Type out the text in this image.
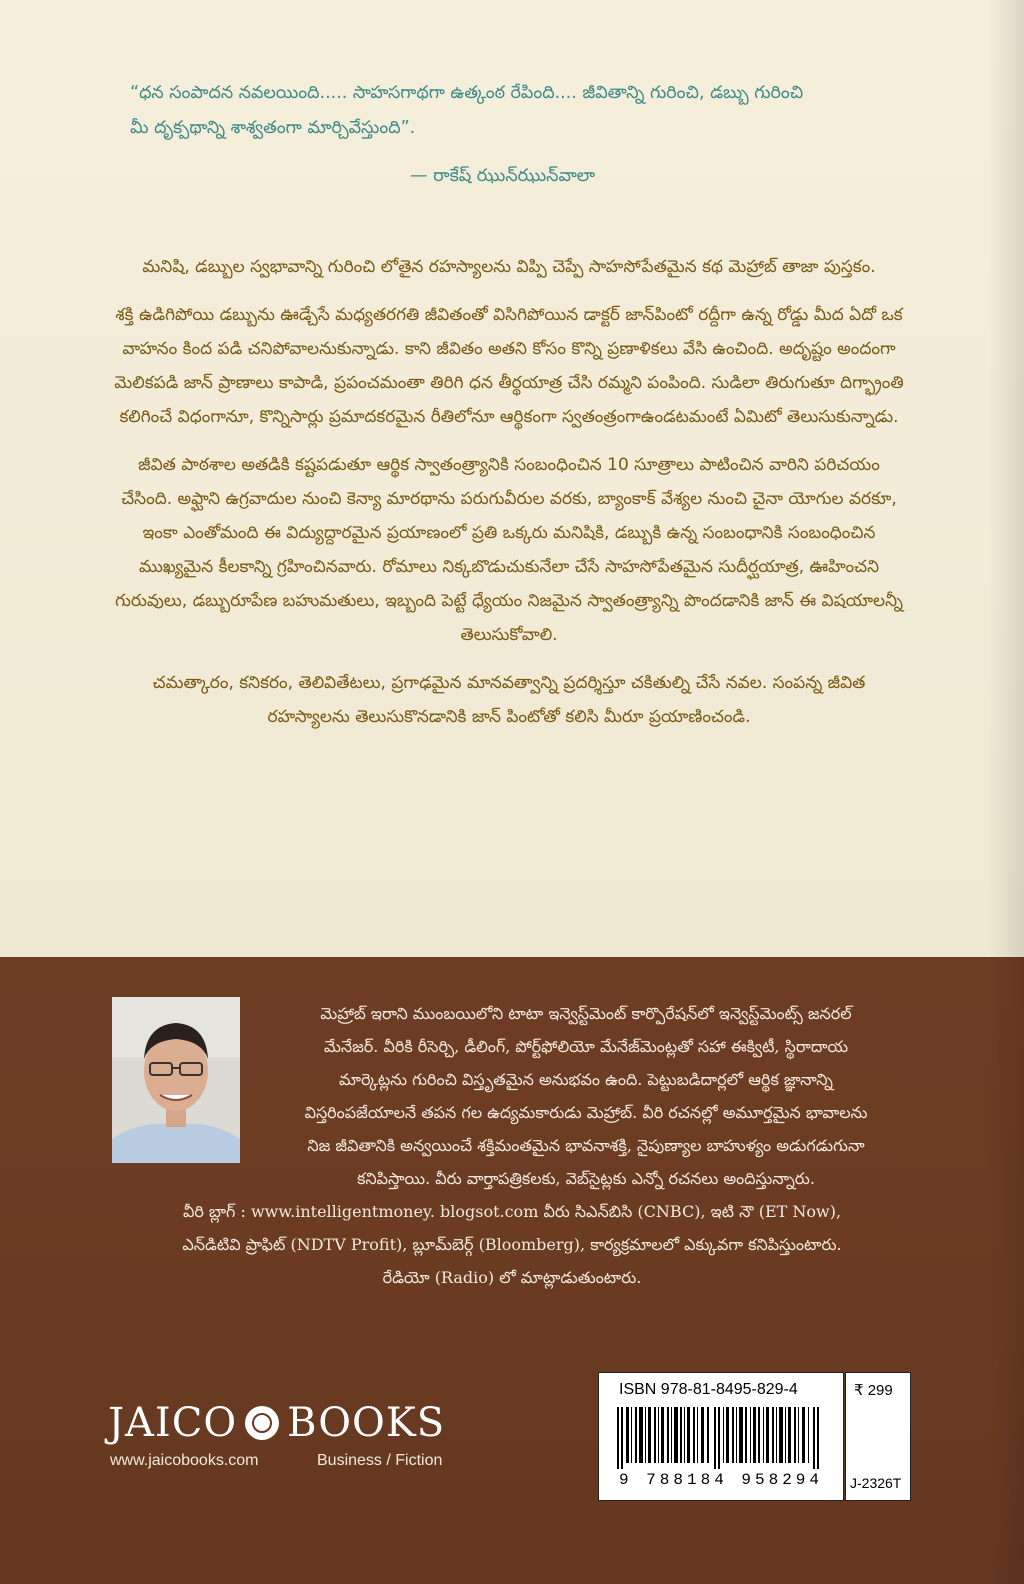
“ధన సంపాదన నవలయింది..... సాహసగాథగా ఉత్కంఠ రేపింది.... జీవితాన్ని గురించి, డబ్బు గురించి

మీ దృక్పథాన్ని శాశ్వతంగా మార్చివేస్తుంది”.

— రాకేష్ ఝున్‌ఝున్‌వాలా

మనిషి, డబ్బుల స్వభావాన్ని గురించి లోతైన రహస్యాలను విప్పి చెప్పే సాహసోపేతమైన కథ మెహ్రాబ్ తాజా పుస్తకం.

శక్తి ఉడిగిపోయి డబ్బును ఊడ్చేసే మధ్యతరగతి జీవితంతో విసిగిపోయిన డాక్టర్ జాన్‌పింటో రద్దీగా ఉన్న రోడ్డు మీద ఏదో ఒక వాహనం కింద పడి చనిపోవాలనుకున్నాడు. కాని జీవితం అతని కోసం కొన్ని ప్రణాళికలు వేసి ఉంచింది. అదృష్టం అందంగా మెలికపడి జాన్ ప్రాణాలు కాపాడి, ప్రపంచమంతా తిరిగి ధన తీర్థయాత్ర చేసి రమ్మని పంపింది. సుడిలా తిరుగుతూ దిగ్భ్రాంతి కలిగించే విధంగానూ, కొన్నిసార్లు ప్రమాదకరమైన రీతిలోనూ ఆర్థికంగా స్వతంత్రంగాఉండటమంటే ఏమిటో తెలుసుకున్నాడు.

జీవిత పాఠశాల అతడికి కష్టపడుతూ ఆర్థిక స్వాతంత్ర్యానికి సంబంధించిన 10 సూత్రాలు పాటించిన వారిని పరిచయం చేసింది. అఫ్ఘాని ఉగ్రవాదుల నుంచి కెన్యా మారథాను పరుగువీరుల వరకు, బ్యాంకాక్ వేశ్యల నుంచి చైనా యోగుల వరకూ, ఇంకా ఎంతోమంది ఈ విద్యుద్దారమైన ప్రయాణంలో ప్రతి ఒక్కరు మనిషికి, డబ్బుకి ఉన్న సంబంధానికి సంబంధించిన ముఖ్యమైన కీలకాన్ని గ్రహించినవారు. రోమాలు నిక్కబొడుచుకునేలా చేసే సాహసోపేతమైన సుదీర్ఘయాత్ర, ఊహించని గురువులు, డబ్బురూపేణ బహుమతులు, ఇబ్బంది పెట్టే ధ్యేయం నిజమైన స్వాతంత్ర్యాన్ని పొందడానికి జాన్ ఈ విషయాలన్నీ తెలుసుకోవాలి.

చమత్కారం, కనికరం, తెలివితేటలు, ప్రగాఢమైన మానవత్వాన్ని ప్రదర్శిస్తూ చకితుల్ని చేసే నవల. సంపన్న జీవిత రహస్యాలను తెలుసుకొనడానికి జాన్ పింటోతో కలిసి మీరూ ప్రయాణించండి.

మెహ్రాబ్ ఇరాని ముంబయిలోని టాటా ఇన్వెస్ట్‌మెంట్ కార్పొరేషన్‌లో ఇన్వెస్ట్‌మెంట్స్ జనరల్

మేనేజర్. వీరికి రీసెర్చి, డీలింగ్, పోర్ట్‌ఫోలియో మేనేజ్‌మెంట్లతో సహా ఈక్విటీ, స్థిరాదాయ

మార్కెట్లను గురించి విస్తృతమైన అనుభవం ఉంది. పెట్టుబడిదార్లలో ఆర్థిక జ్ఞానాన్ని

విస్తరింపజేయాలనే తపన గల ఉద్యమకారుడు మెహ్రాబ్. వీరి రచనల్లో అమూర్తమైన భావాలను

నిజ జీవితానికి అన్వయించే శక్తిమంతమైన భావనాశక్తి, నైపుణ్యాల బాహుళ్యం అడుగడుగునా

కనిపిస్తాయి. వీరు వార్తాపత్రికలకు, వెబ్‌సైట్లకు ఎన్నో రచనలు అందిస్తున్నారు.

వీరి బ్లాగ్ : www.intelligentmoney. blogsot.com వీరు సిఎన్‌బిసి (CNBC), ఇటి నౌ (ET Now),

ఎన్‌డిటివి ప్రాఫిట్ (NDTV Profit), బ్లూమ్‌బెర్గ్ (Bloomberg), కార్యక్రమాలలో ఎక్కువగా కనిపిస్తుంటారు.

రేడియో (Radio) లో మాట్లాడుతుంటారు.

JAICO BOOKS
www.jaicobooks.com	Business / Fiction
ISBN 978-81-8495-829-4
9 788184 958294
₹ 299
J-2326T
